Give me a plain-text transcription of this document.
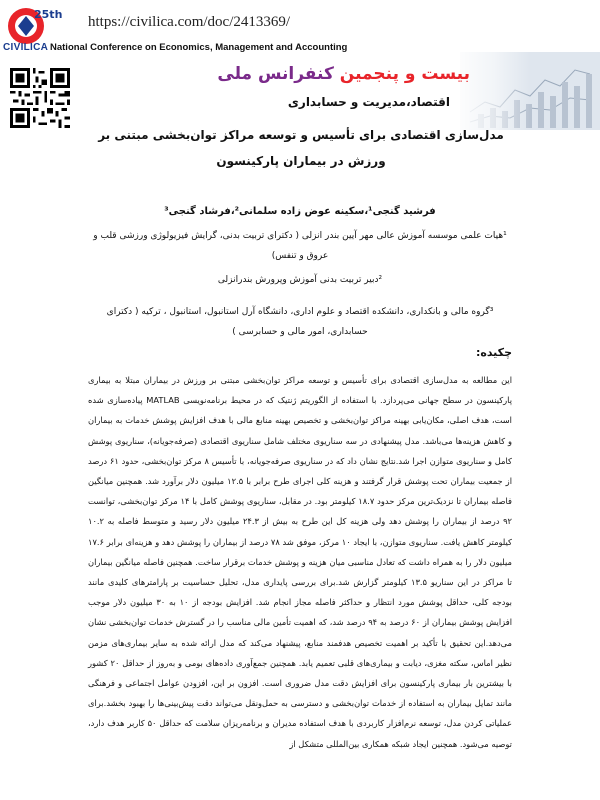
25th
CIVILICA
https://civilica.com/doc/2413369/
National Conference on Economics, Management and Accounting
بیست و پنجمین کنفرانس ملی
اقتصاد،مدیریت و حسابداری
مدل‌سازی اقتصادی برای تأسیس و توسعه مراکز توان‌بخشی مبتنی بر ورزش در بیماران پارکینسون
فرشید گنجی¹،سکینه عوض زاده سلمانی²،فرشاد گنجی³
¹هیات علمی موسسه آموزش عالی مهر آیین بندر انزلی ( دکترای تربیت بدنی، گرایش فیزیولوژی ورزشی قلب و عروق و تنفس)
²دبیر تربیت بدنی آموزش وپرورش بندرانزلی
³گروه مالی و بانکداری، دانشکده اقتصاد و علوم اداری، دانشگاه آرل استانبول، استانبول ، ترکیه ( دکترای حسابداری، امور مالی و حسابرسی )
چکیده:
این مطالعه به مدل‌سازی اقتصادی برای تأسیس و توسعه مراکز توان‌بخشی مبتنی بر ورزش در بیماران مبتلا به بیماری پارکینسون در سطح جهانی می‌پردازد. با استفاده از الگوریتم ژنتیک که در محیط برنامه‌نویسی MATLAB پیاده‌سازی شده است، هدف اصلی، مکان‌یابی بهینه مراکز توان‌بخشی و تخصیص بهینه منابع مالی با هدف افزایش پوشش خدمات به بیماران و کاهش هزینه‌ها می‌باشد. مدل پیشنهادی در سه سناریوی مختلف شامل سناریوی اقتصادی (صرفه‌جویانه)، سناریوی پوشش کامل و سناریوی متوازن اجرا شد.نتایج نشان داد که در سناریوی صرفه‌جویانه، با تأسیس ۸ مرکز توان‌بخشی، حدود ۶۱ درصد از جمعیت بیماران تحت پوشش قرار گرفتند و هزینه کلی اجرای طرح برابر با ۱۲.۵ میلیون دلار برآورد شد. همچنین میانگین فاصله بیماران تا نزدیک‌ترین مرکز حدود ۱۸.۷ کیلومتر بود. در مقابل، سناریوی پوشش کامل با ۱۴ مرکز توان‌بخشی، توانست ۹۲ درصد از بیماران را پوشش دهد ولی هزینه کل این طرح به بیش از ۲۴.۳ میلیون دلار رسید و متوسط فاصله به ۱۰.۲ کیلومتر کاهش یافت. سناریوی متوازن، با ایجاد ۱۰ مرکز، موفق شد ۷۸ درصد از بیماران را پوشش دهد و هزینه‌ای برابر ۱۷.۶ میلیون دلار را به همراه داشت که تعادل مناسبی میان هزینه و پوشش خدمات برقرار ساخت. همچنین فاصله میانگین بیماران تا مراکز در این سناریو ۱۳.۵ کیلومتر گزارش شد.برای بررسی پایداری مدل، تحلیل حساسیت بر پارامترهای کلیدی مانند بودجه کلی، حداقل پوشش مورد انتظار و حداکثر فاصله مجاز انجام شد. افزایش بودجه از ۱۰ به ۳۰ میلیون دلار موجب افزایش پوشش بیماران از ۶۰ درصد به ۹۴ درصد شد، که اهمیت تأمین مالی مناسب را در گسترش خدمات توان‌بخشی نشان می‌دهد.این تحقیق با تأکید بر اهمیت تخصیص هدفمند منابع، پیشنهاد می‌کند که مدل ارائه شده به سایر بیماری‌های مزمن نظیر اماس، سکته مغزی، دیابت و بیماری‌های قلبی تعمیم یابد. همچنین جمع‌آوری داده‌های بومی و به‌روز از حداقل ۲۰ کشور با بیشترین بار بیماری پارکینسون برای افزایش دقت مدل ضروری است. افزون بر این، افزودن عوامل اجتماعی و فرهنگی مانند تمایل بیماران به استفاده از خدمات توان‌بخشی و دسترسی به حمل‌ونقل می‌تواند دقت پیش‌بینی‌ها را بهبود بخشد.برای عملیاتی کردن مدل، توسعه نرم‌افزار کاربردی با هدف استفاده مدیران و برنامه‌ریزان سلامت که حداقل ۵۰ کاربر هدف دارد، توصیه می‌شود. همچنین ایجاد شبکه همکاری بین‌المللی متشکل از
